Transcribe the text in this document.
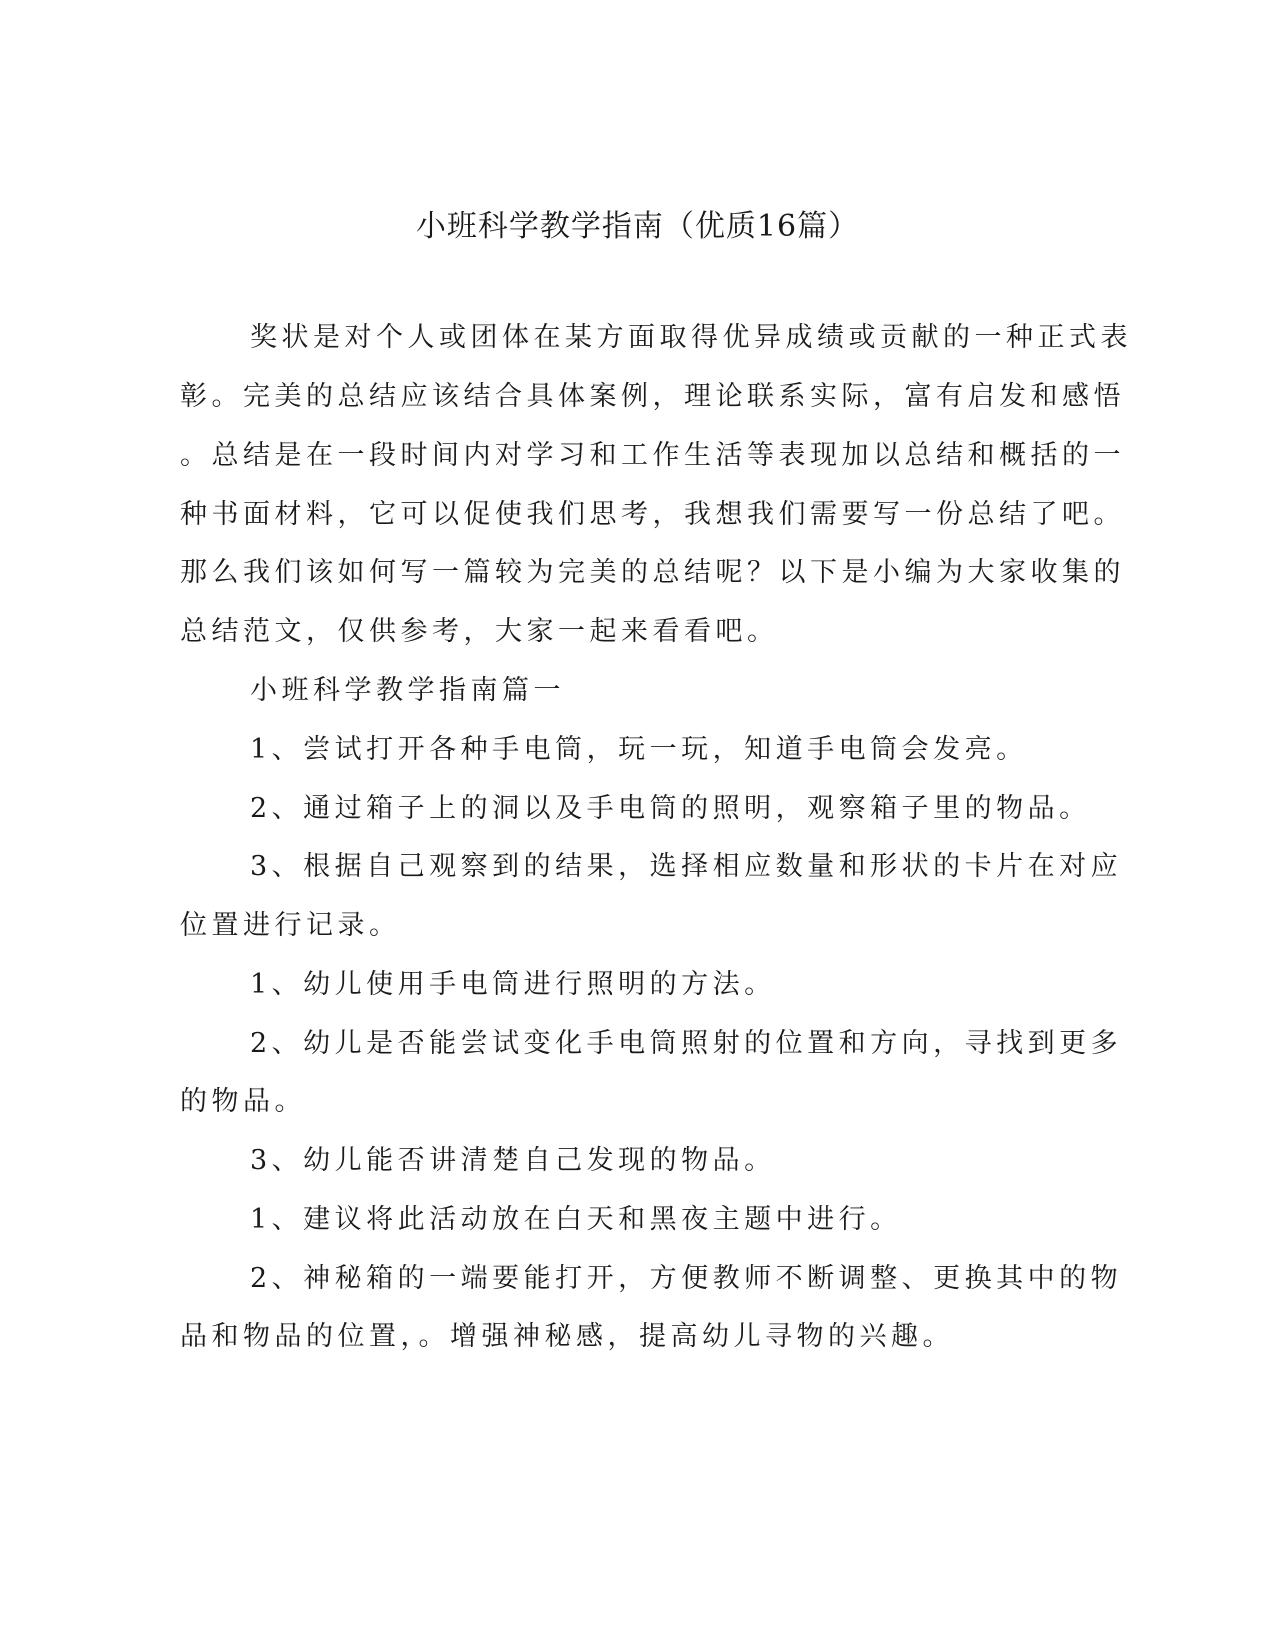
小班科学教学指南（优质16篇）
奖状是对个人或团体在某方面取得优异成绩或贡献的一种正式表
彰。完美的总结应该结合具体案例，理论联系实际，富有启发和感悟
。总结是在一段时间内对学习和工作生活等表现加以总结和概括的一
种书面材料，它可以促使我们思考，我想我们需要写一份总结了吧。
那么我们该如何写一篇较为完美的总结呢？以下是小编为大家收集的
总结范文，仅供参考，大家一起来看看吧。
小班科学教学指南篇一
1、尝试打开各种手电筒，玩一玩，知道手电筒会发亮。
2、通过箱子上的洞以及手电筒的照明，观察箱子里的物品。
3、根据自己观察到的结果，选择相应数量和形状的卡片在对应
位置进行记录。
1、幼儿使用手电筒进行照明的方法。
2、幼儿是否能尝试变化手电筒照射的位置和方向，寻找到更多
的物品。
3、幼儿能否讲清楚自己发现的物品。
1、建议将此活动放在白天和黑夜主题中进行。
2、神秘箱的一端要能打开，方便教师不断调整、更换其中的物
品和物品的位置，。增强神秘感，提高幼儿寻物的兴趣。
